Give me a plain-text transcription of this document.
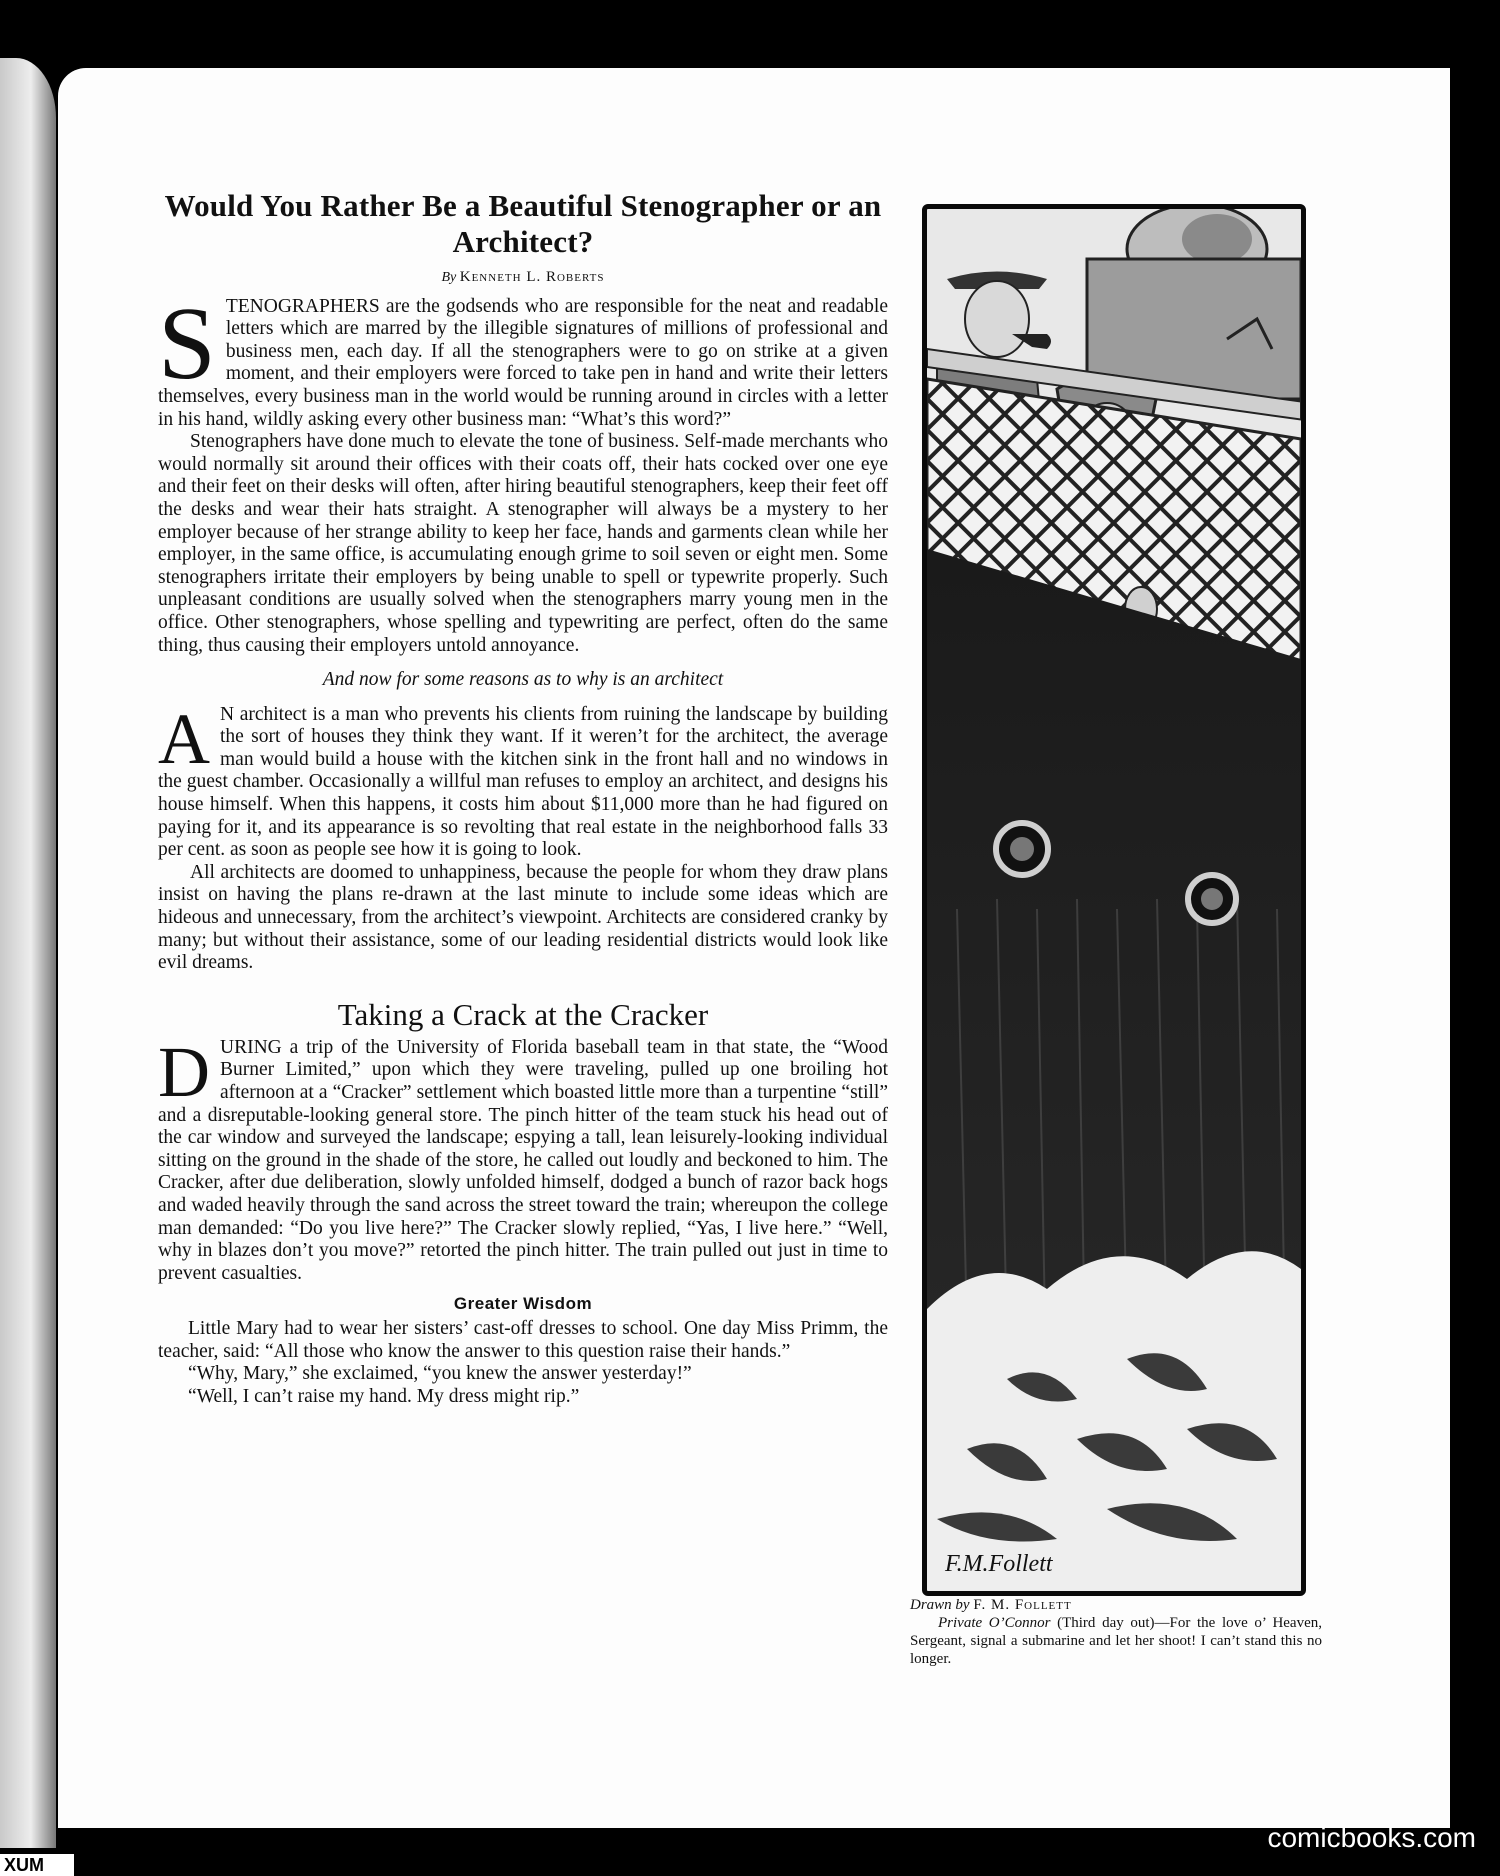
Would You Rather Be a Beautiful Stenographer or an Architect?
By Kenneth L. Roberts

STENOGRAPHERS are the godsends who are responsible for the neat and readable letters which are marred by the illegible signatures of millions of professional and business men, each day. If all the stenographers were to go on strike at a given moment, and their employers were forced to take pen in hand and write their letters themselves, every business man in the world would be running around in circles with a letter in his hand, wildly asking every other business man: “What’s this word?”

Stenographers have done much to elevate the tone of business. Self-made merchants who would normally sit around their offices with their coats off, their hats cocked over one eye and their feet on their desks will often, after hiring beautiful stenographers, keep their feet off the desks and wear their hats straight. A stenographer will always be a mystery to her employer because of her strange ability to keep her face, hands and garments clean while her employer, in the same office, is accumulating enough grime to soil seven or eight men. Some stenographers irritate their employers by being unable to spell or typewrite properly. Such unpleasant conditions are usually solved when the stenographers marry young men in the office. Other stenographers, whose spelling and typewriting are perfect, often do the same thing, thus causing their employers untold annoyance.

And now for some reasons as to why is an architect

A N architect is a man who prevents his clients from ruining the landscape by building the sort of houses they think they want. If it weren’t for the architect, the average man would build a house with the kitchen sink in the front hall and no windows in the guest chamber. Occasionally a willful man refuses to employ an architect, and designs his house himself. When this happens, it costs him about $11,000 more than he had figured on paying for it, and its appearance is so revolting that real estate in the neighborhood falls 33 per cent. as soon as people see how it is going to look.

All architects are doomed to unhappiness, because the people for whom they draw plans insist on having the plans re-drawn at the last minute to include some ideas which are hideous and unnecessary, from the architect’s viewpoint. Architects are considered cranky by many; but without their assistance, some of our leading residential districts would look like evil dreams.

Taking a Crack at the Cracker

DURING a trip of the University of Florida baseball team in that state, the “Wood Burner Limited,” upon which they were traveling, pulled up one broiling hot afternoon at a “Cracker” settlement which boasted little more than a turpentine “still” and a disreputable-looking general store. The pinch hitter of the team stuck his head out of the car window and surveyed the landscape; espying a tall, lean leisurely-looking individual sitting on the ground in the shade of the store, he called out loudly and beckoned to him. The Cracker, after due deliberation, slowly unfolded himself, dodged a bunch of razor back hogs and waded heavily through the sand across the street toward the train; whereupon the college man demanded: “Do you live here?” The Cracker slowly replied, “Yas, I live here.” “Well, why in blazes don’t you move?” retorted the pinch hitter. The train pulled out just in time to prevent casualties.

Greater Wisdom

Little Mary had to wear her sisters’ cast-off dresses to school. One day Miss Primm, the teacher, said: “All those who know the answer to this question raise their hands.”

“Why, Mary,” she exclaimed, “you knew the answer yesterday!”

“Well, I can’t raise my hand. My dress might rip.”

F.M.Follett
Drawn by F. M. Follett

Private O’Connor (Third day out)—For the love o’ Heaven, Sergeant, signal a submarine and let her shoot! I can’t stand this no longer.

comicbooks.com
XUM
